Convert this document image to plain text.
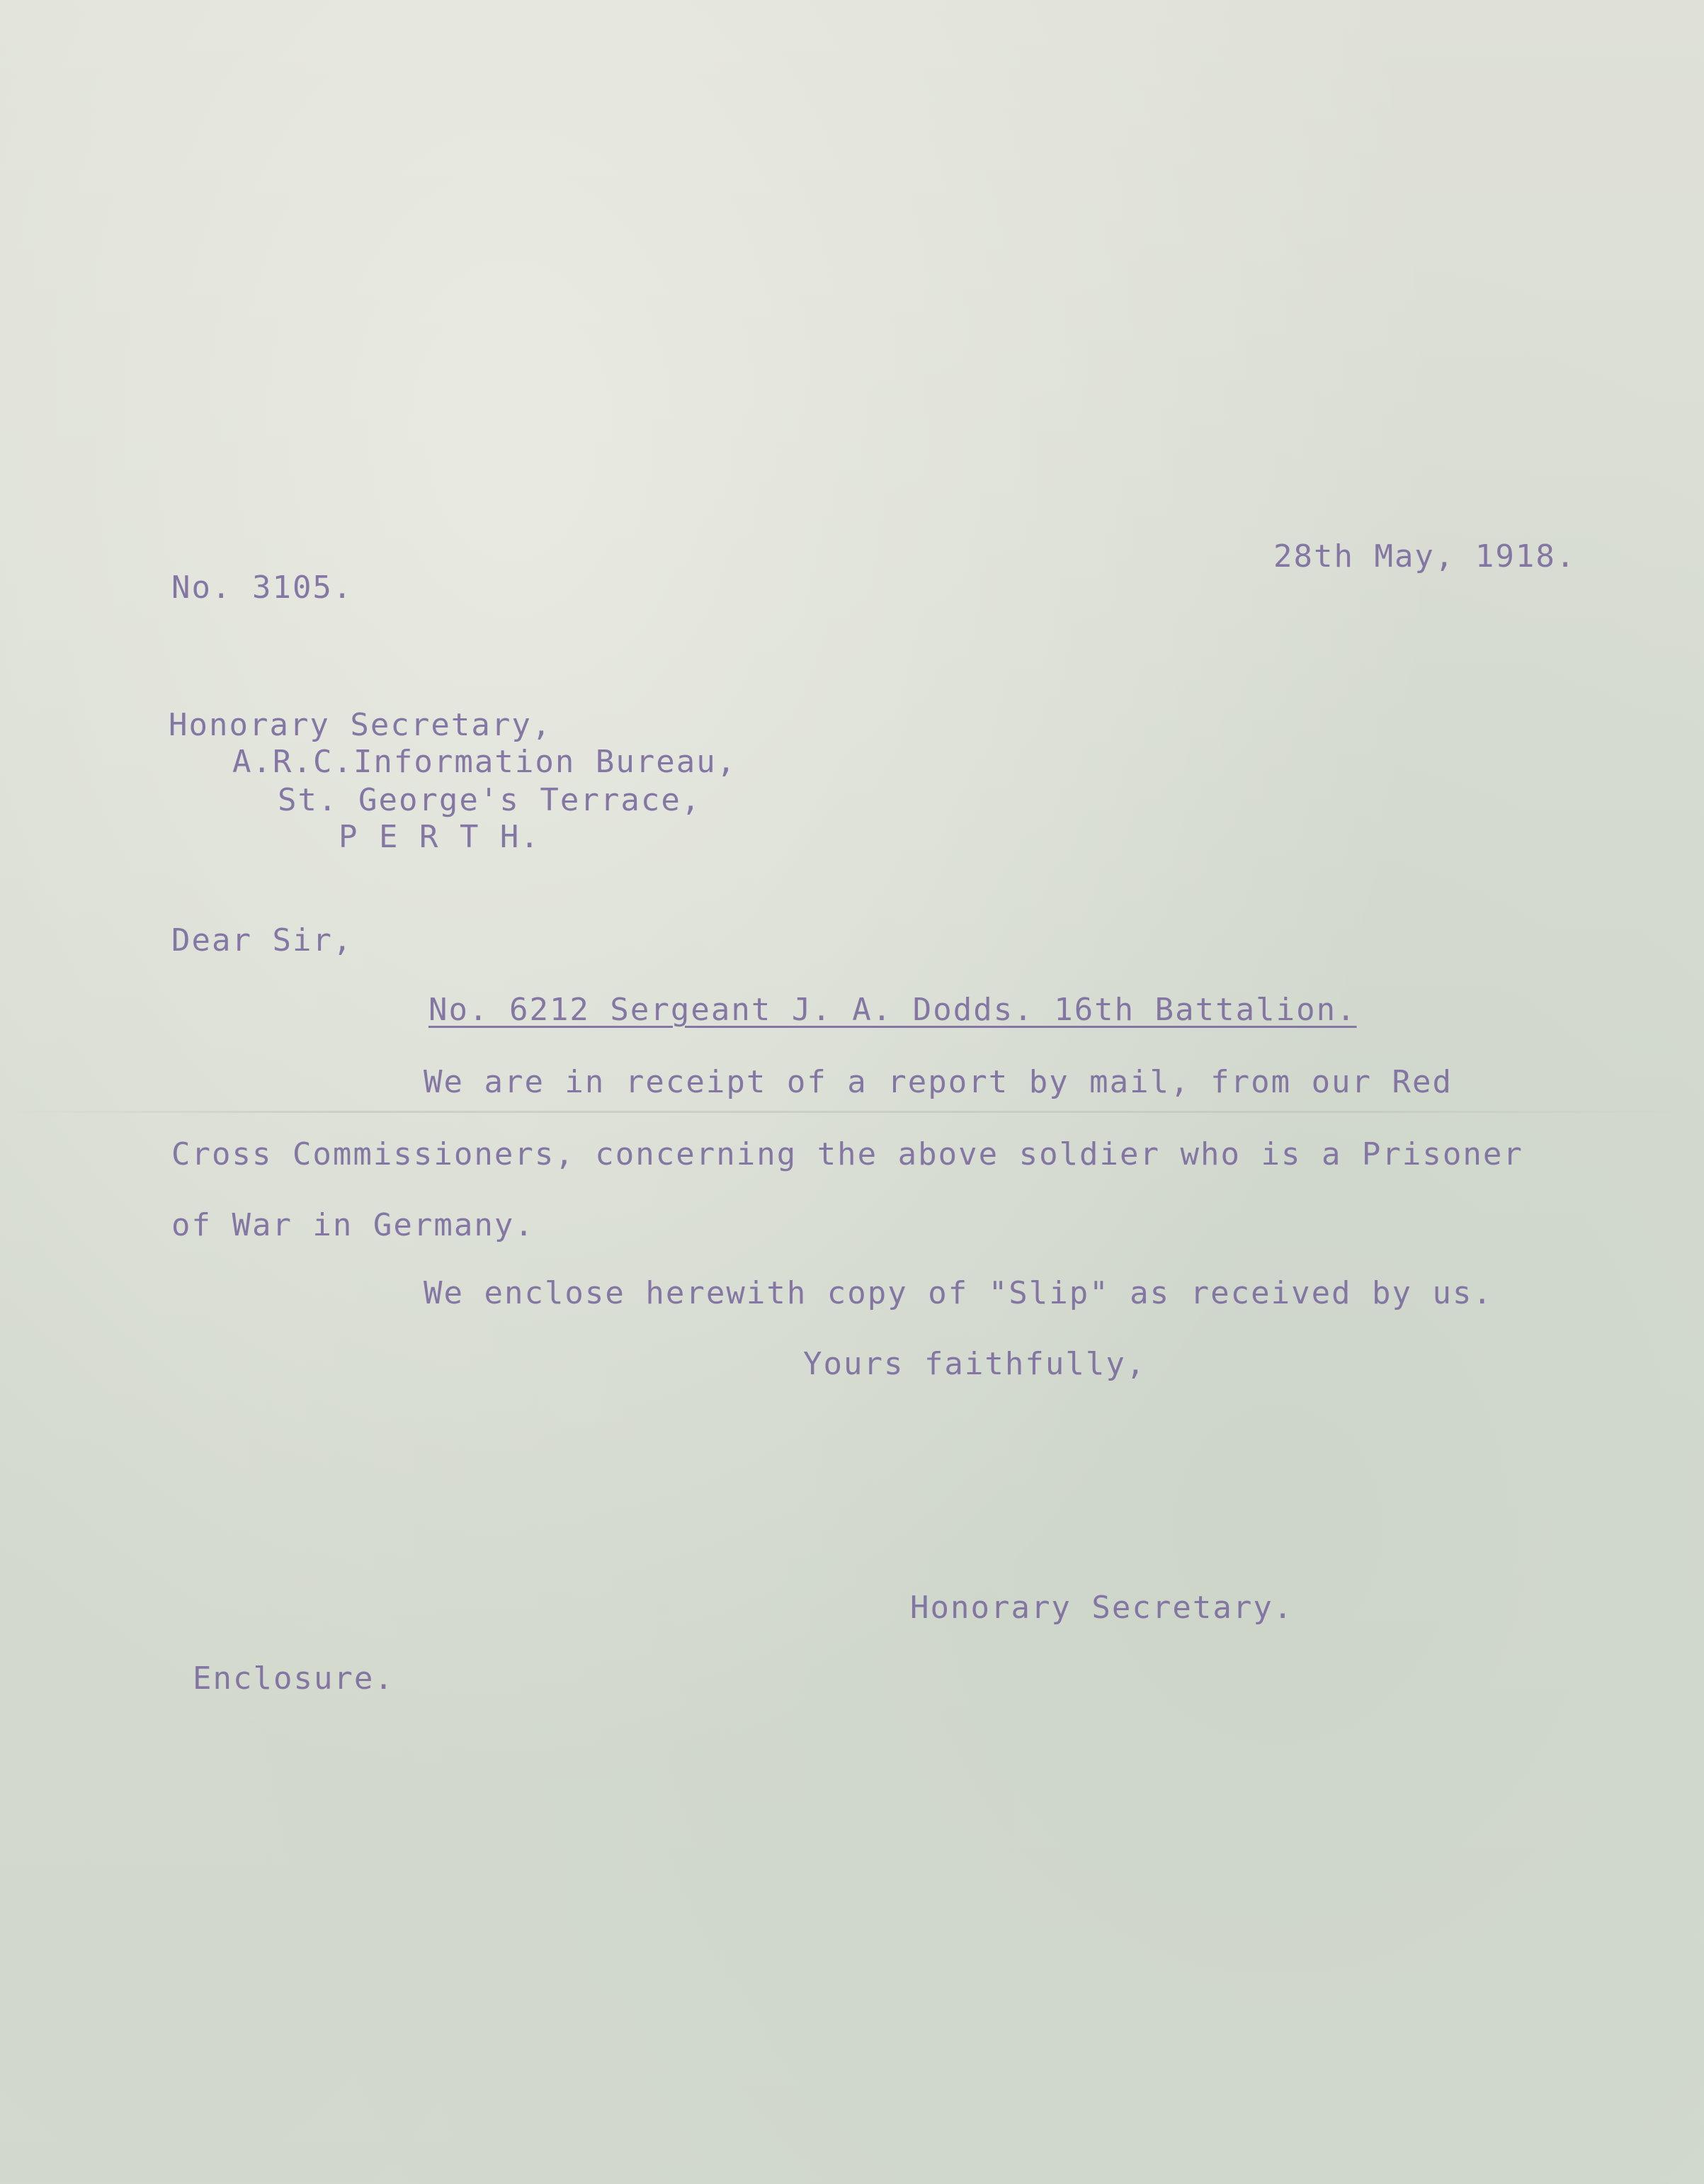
28th May, 1918.
No. 3105.
Honorary Secretary,
A.R.C.Information Bureau,
St. George's Terrace,
P E R T H.
Dear Sir,
No. 6212 Sergeant J. A. Dodds. 16th Battalion.
We are in receipt of a report by mail, from our Red
Cross Commissioners, concerning the above soldier who is a Prisoner
of War in Germany.
We enclose herewith copy of "Slip" as received by us.
Yours faithfully,
Honorary Secretary.
Enclosure.
